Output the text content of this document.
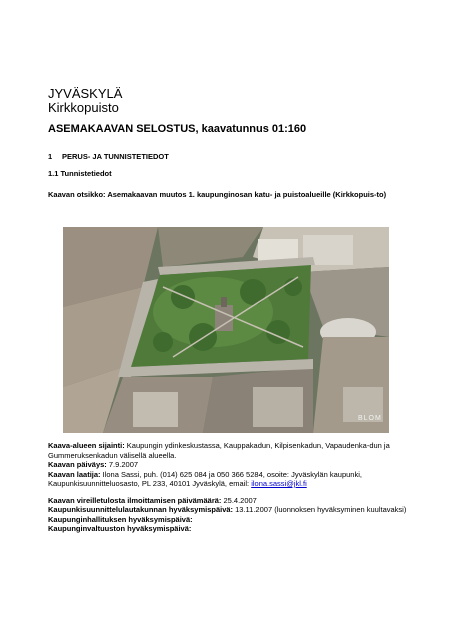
JYVÄSKYLÄ
Kirkkopuisto
ASEMAKAAVAN SELOSTUS, kaavatunnus 01:160
1 PERUS- JA TUNNISTETIEDOT
1.1 Tunnistetiedot
Kaavan otsikko: Asemakaavan muutos 1. kaupunginosan katu- ja puistoalueille (Kirkkopuis-to)
BLOM
Kaava-alueen sijainti: Kaupungin ydinkeskustassa, Kauppakadun, Kilpisenkadun, Vapaudenka-dun ja Gummeruksenkadun välisellä alueella.
Kaavan päiväys: 7.9.2007
Kaavan laatija: Ilona Sassi, puh. (014) 625 084 ja 050 366 5284, osoite: Jyväskylän kaupunki, Kaupunkisuunnitteluosasto, PL 233, 40101 Jyväskylä, email: ilona.sassi@jkl.fi
Kaavan vireilletulosta ilmoittamisen päivämäärä: 25.4.2007
Kaupunkisuunnittelulautakunnan hyväksymispäivä: 13.11.2007 (luonnoksen hyväksyminen kuultavaksi)
Kaupunginhallituksen hyväksymispäivä:
Kaupunginvaltuuston hyväksymispäivä:
